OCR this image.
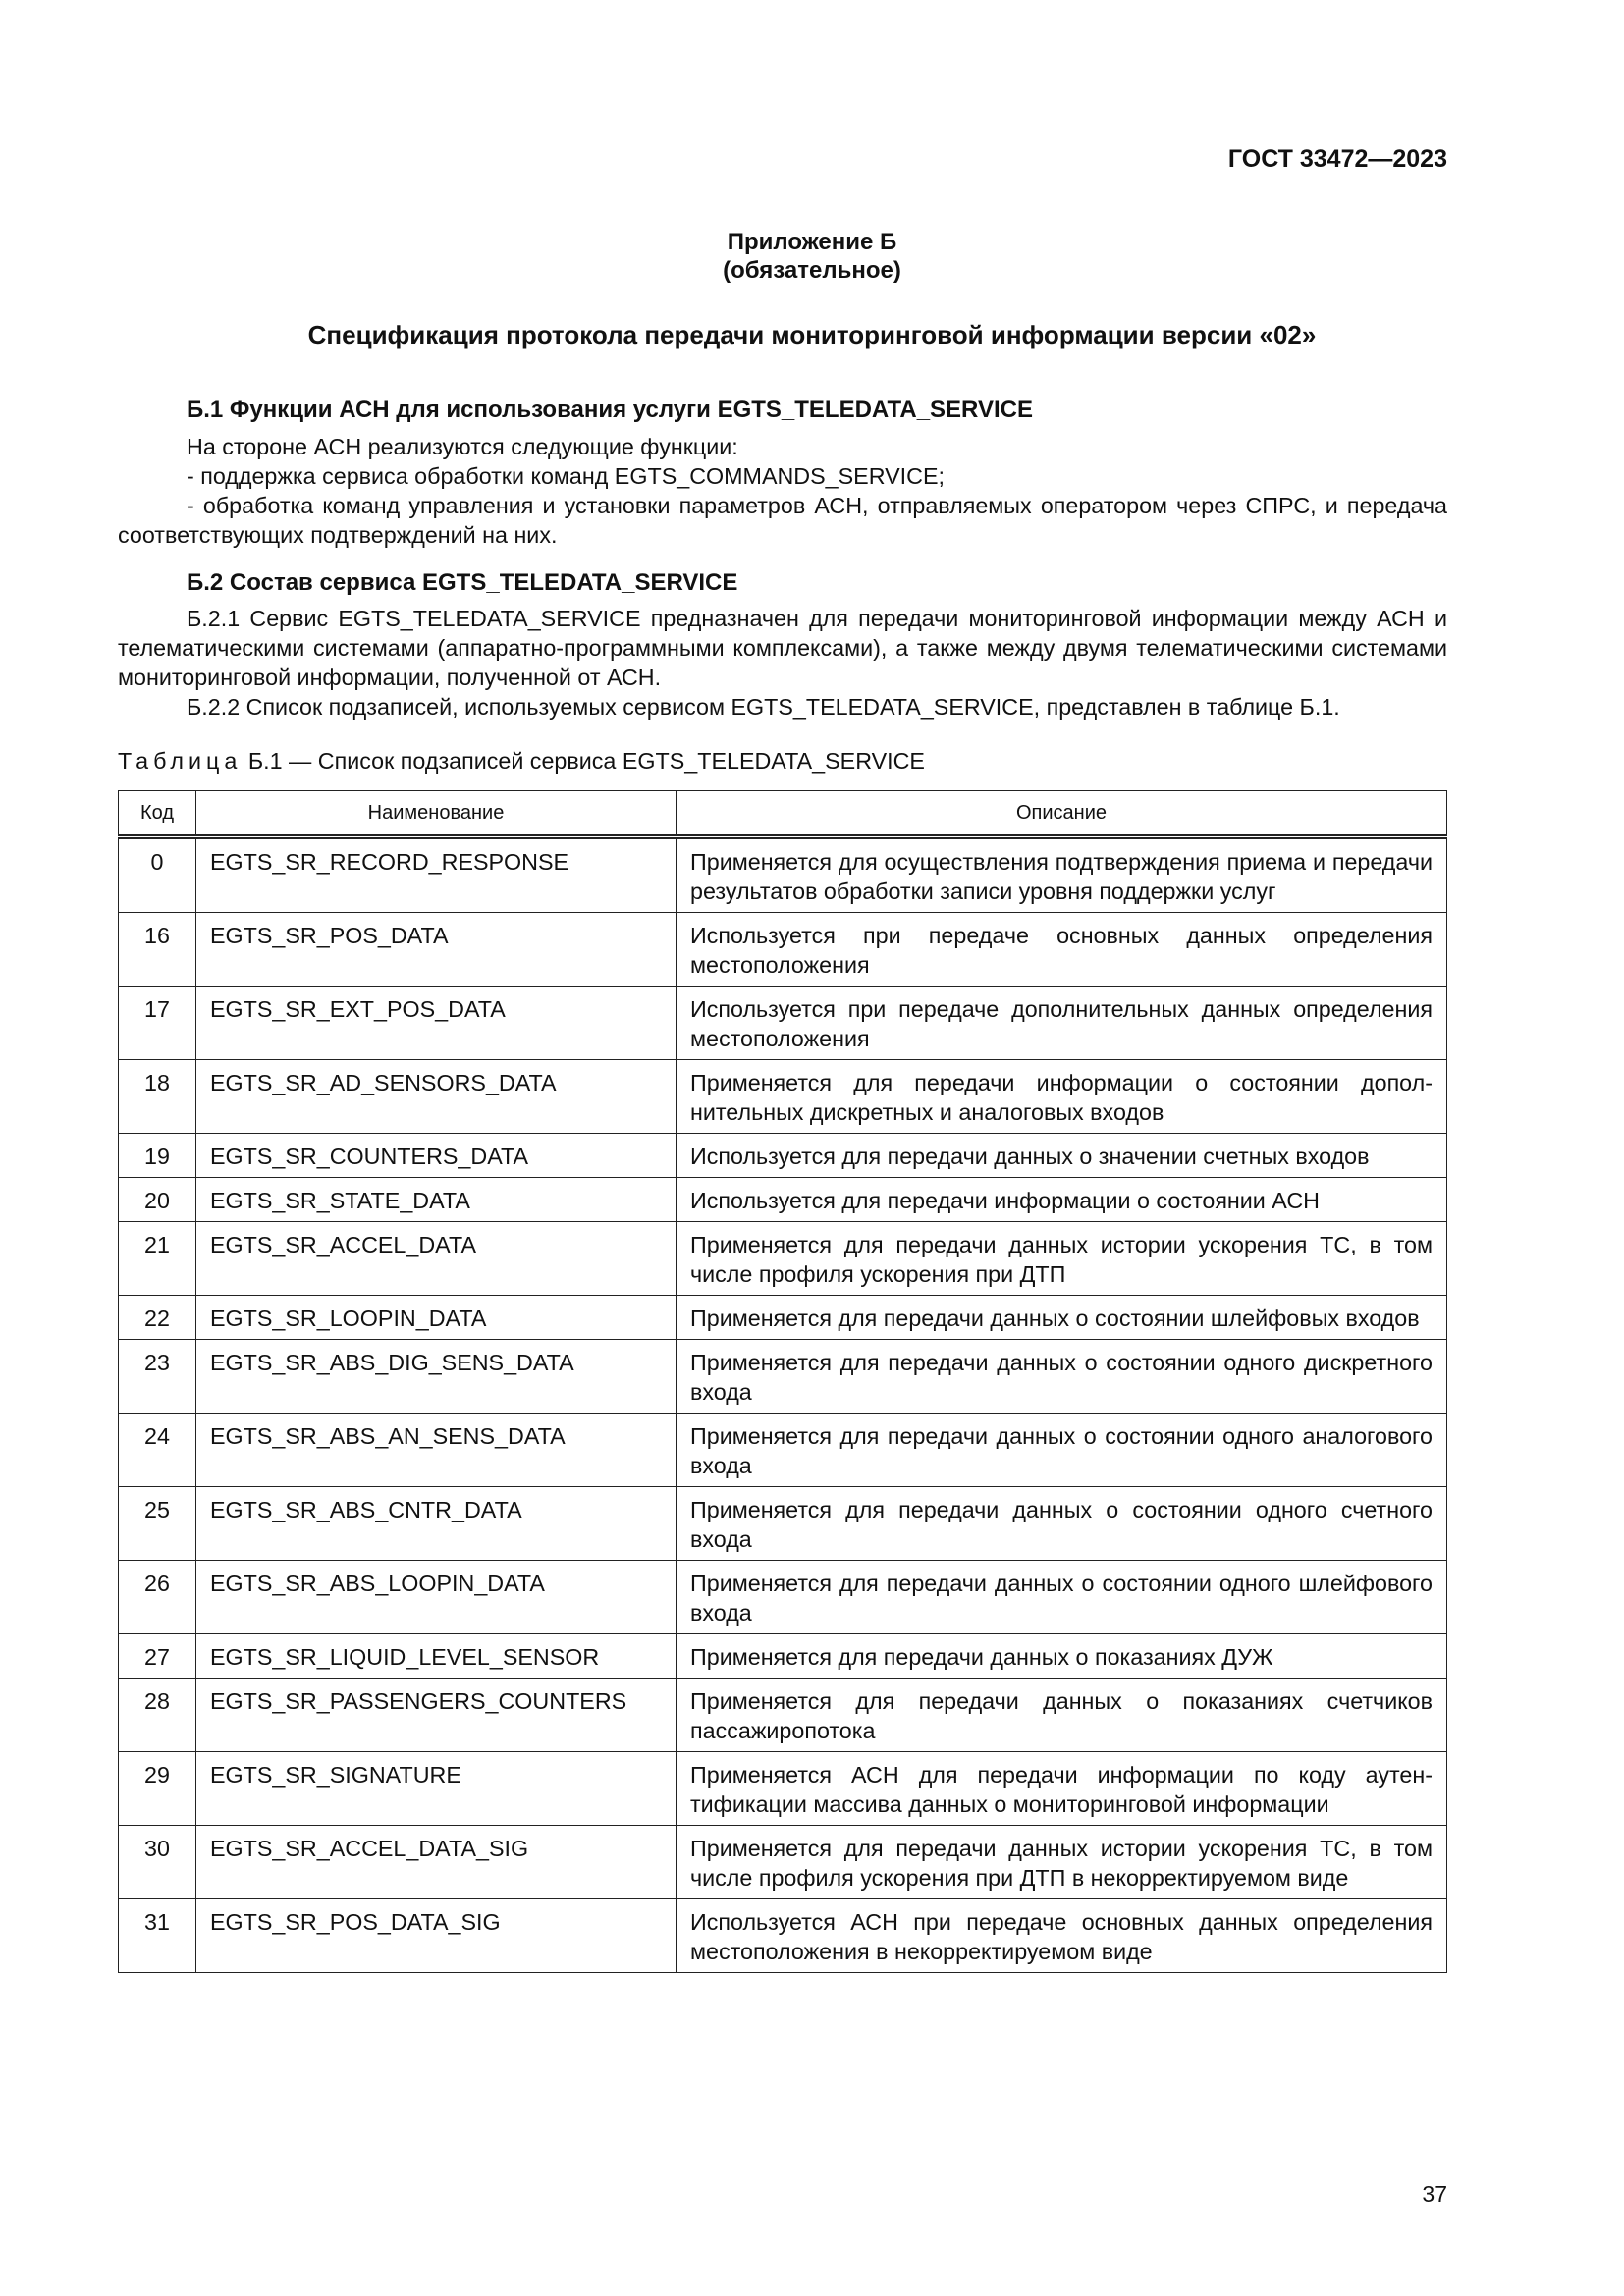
ГОСТ 33472—2023
Приложение Б
(обязательное)
Спецификация протокола передачи мониторинговой информации версии «02»
Б.1 Функции АСН для использования услуги EGTS_TELEDATA_SERVICE

На стороне АСН реализуются следующие функции:

- поддержка сервиса обработки команд EGTS_COMMANDS_SERVICE;

- обработка команд управления и установки параметров АСН, отправляемых оператором через СПРС, и передача соответствующих подтверждений на них.

Б.2 Состав сервиса EGTS_TELEDATA_SERVICE

Б.2.1 Сервис EGTS_TELEDATA_SERVICE предназначен для передачи мониторинговой информации между АСН и телематическими системами (аппаратно-программными комплексами), а также между двумя телематическими системами мониторинговой информации, полученной от АСН.

Б.2.2 Список подзаписей, используемых сервисом EGTS_TELEDATA_SERVICE, представлен в таблице Б.1.

Таблица Б.1 — Список подзаписей сервиса EGTS_TELEDATA_SERVICE
Код	Наименование	Описание
0	EGTS_SR_RECORD_RESPONSE	Применяется для осуществления подтверждения приема и передачи результатов обработки записи уровня поддержки услуг
16	EGTS_SR_POS_DATA	Используется при передаче основных данных определения местоположения
17	EGTS_SR_EXT_POS_DATA	Используется при передаче дополнительных данных определения местоположения
18	EGTS_SR_AD_SENSORS_DATA	Применяется для передачи информации о состоянии дополнительных дискретных и аналоговых входов
19	EGTS_SR_COUNTERS_DATA	Используется для передачи данных о значении счетных входов
20	EGTS_SR_STATE_DATA	Используется для передачи информации о состоянии АСН
21	EGTS_SR_ACCEL_DATA	Применяется для передачи данных истории ускорения ТС, в том числе профиля ускорения при ДТП
22	EGTS_SR_LOOPIN_DATA	Применяется для передачи данных о состоянии шлейфовых входов
23	EGTS_SR_ABS_DIG_SENS_DATA	Применяется для передачи данных о состоянии одного дискретного входа
24	EGTS_SR_ABS_AN_SENS_DATA	Применяется для передачи данных о состоянии одного аналогового входа
25	EGTS_SR_ABS_CNTR_DATA	Применяется для передачи данных о состоянии одного счетного входа
26	EGTS_SR_ABS_LOOPIN_DATA	Применяется для передачи данных о состоянии одного шлейфового входа
27	EGTS_SR_LIQUID_LEVEL_SENSOR	Применяется для передачи данных о показаниях ДУЖ
28	EGTS_SR_PASSENGERS_COUNTERS	Применяется для передачи данных о показаниях счетчиков пассажиропотока
29	EGTS_SR_SIGNATURE	Применяется АСН для передачи информации по коду аутентификации массива данных о мониторинговой информации
30	EGTS_SR_ACCEL_DATA_SIG	Применяется для передачи данных истории ускорения ТС, в том числе профиля ускорения при ДТП в некорректируемом виде
31	EGTS_SR_POS_DATA_SIG	Используется АСН при передаче основных данных определения местоположения в некорректируемом виде
37
